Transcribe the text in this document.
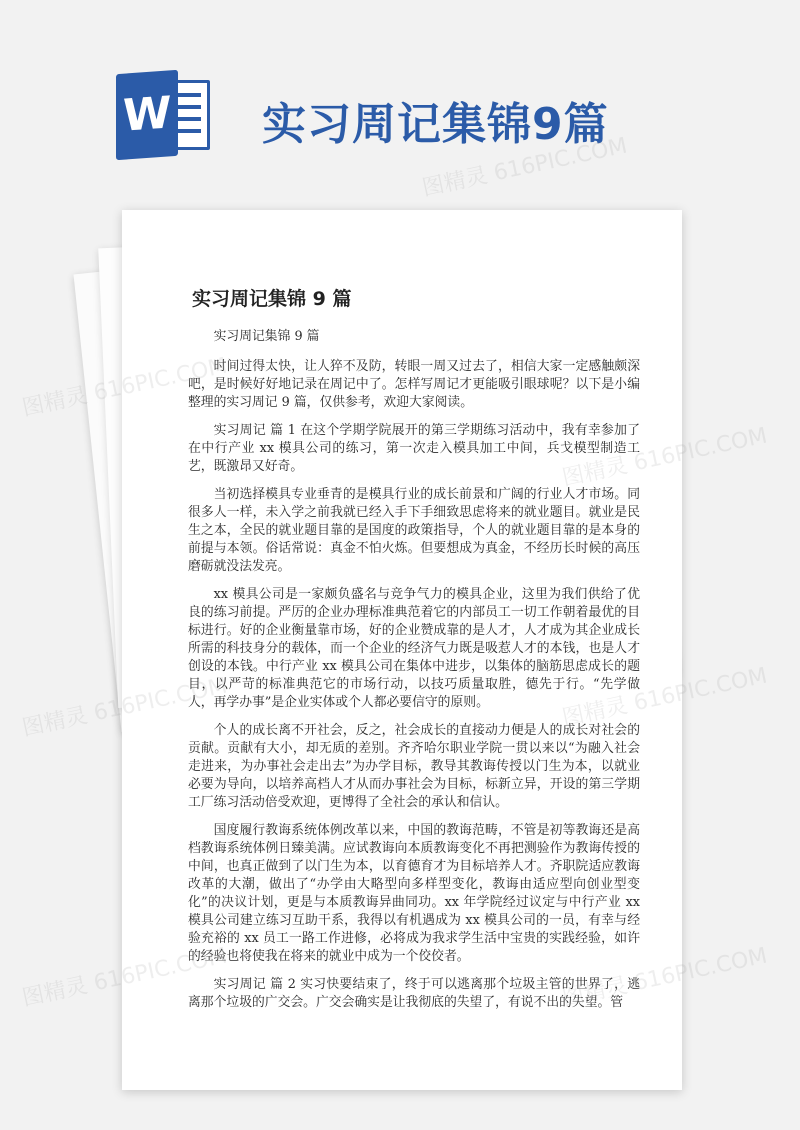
W 实习周记集锦9篇
实习周记集锦 9 篇

实习周记集锦 9 篇

时间过得太快，让人猝不及防，转眼一周又过去了，相信大家一定感触颇深吧，是时候好好地记录在周记中了。怎样写周记才更能吸引眼球呢？以下是小编整理的实习周记 9 篇，仅供参考，欢迎大家阅读。

实习周记 篇 1 在这个学期学院展开的第三学期练习活动中，我有幸参加了在中行产业 xx 模具公司的练习，第一次走入模具加工中间，兵戈模型制造工艺，既激昂又好奇。

当初选择模具专业垂青的是模具行业的成长前景和广阔的行业人才市场。同很多人一样，未入学之前我就已经入手下手细致思虑将来的就业题目。就业是民生之本，全民的就业题目靠的是国度的政策指导，个人的就业题目靠的是本身的前提与本领。俗话常说：真金不怕火炼。但要想成为真金，不经历长时候的高压磨砺就没法发亮。

xx 模具公司是一家颇负盛名与竞争气力的模具企业，这里为我们供给了优良的练习前提。严厉的企业办理标准典范着它的内部员工一切工作朝着最优的目标进行。好的企业衡量靠市场，好的企业赞成靠的是人才，人才成为其企业成长所需的科技身分的载体，而一个企业的经济气力既是吸惹人才的本钱，也是人才创设的本钱。中行产业 xx 模具公司在集体中进步，以集体的脑筋思虑成长的题目，以严苛的标准典范它的市场行动，以技巧质量取胜，德先于行。“先学做人，再学办事”是企业实体或个人都必要信守的原则。

个人的成长离不开社会，反之，社会成长的直接动力便是人的成长对社会的贡献。贡献有大小，却无质的差别。齐齐哈尔职业学院一贯以来以“为融入社会走进来，为办事社会走出去”为办学目标，教导其教诲传授以门生为本，以就业必要为导向，以培养高档人才从而办事社会为目标，标新立异，开设的第三学期工厂练习活动倍受欢迎，更博得了全社会的承认和信认。

国度履行教诲系统体例改革以来，中国的教诲范畴，不管是初等教诲还是高档教诲系统体例日臻美满。应试教诲向本质教诲变化不再把测验作为教诲传授的中间，也真正做到了以门生为本，以育德育才为目标培养人才。齐职院适应教诲改革的大潮，做出了“办学由大略型向多样型变化，教诲由适应型向创业型变化”的决议计划，更是与本质教诲异曲同功。xx 年学院经过议定与中行产业 xx 模具公司建立练习互助干系，我得以有机遇成为 xx 模具公司的一员，有幸与经验充裕的 xx 员工一路工作进修，必将成为我求学生活中宝贵的实践经验，如许的经验也将使我在将来的就业中成为一个佼佼者。

实习周记 篇 2 实习快要结束了，终于可以逃离那个垃圾主管的世界了，逃离那个垃圾的广交会。广交会确实是让我彻底的失望了，有说不出的失望。管

图精灵 616PIC.COM
图精灵
616PIC.COM
图精灵
616PIC.COM
图精灵	616PIC.COM
